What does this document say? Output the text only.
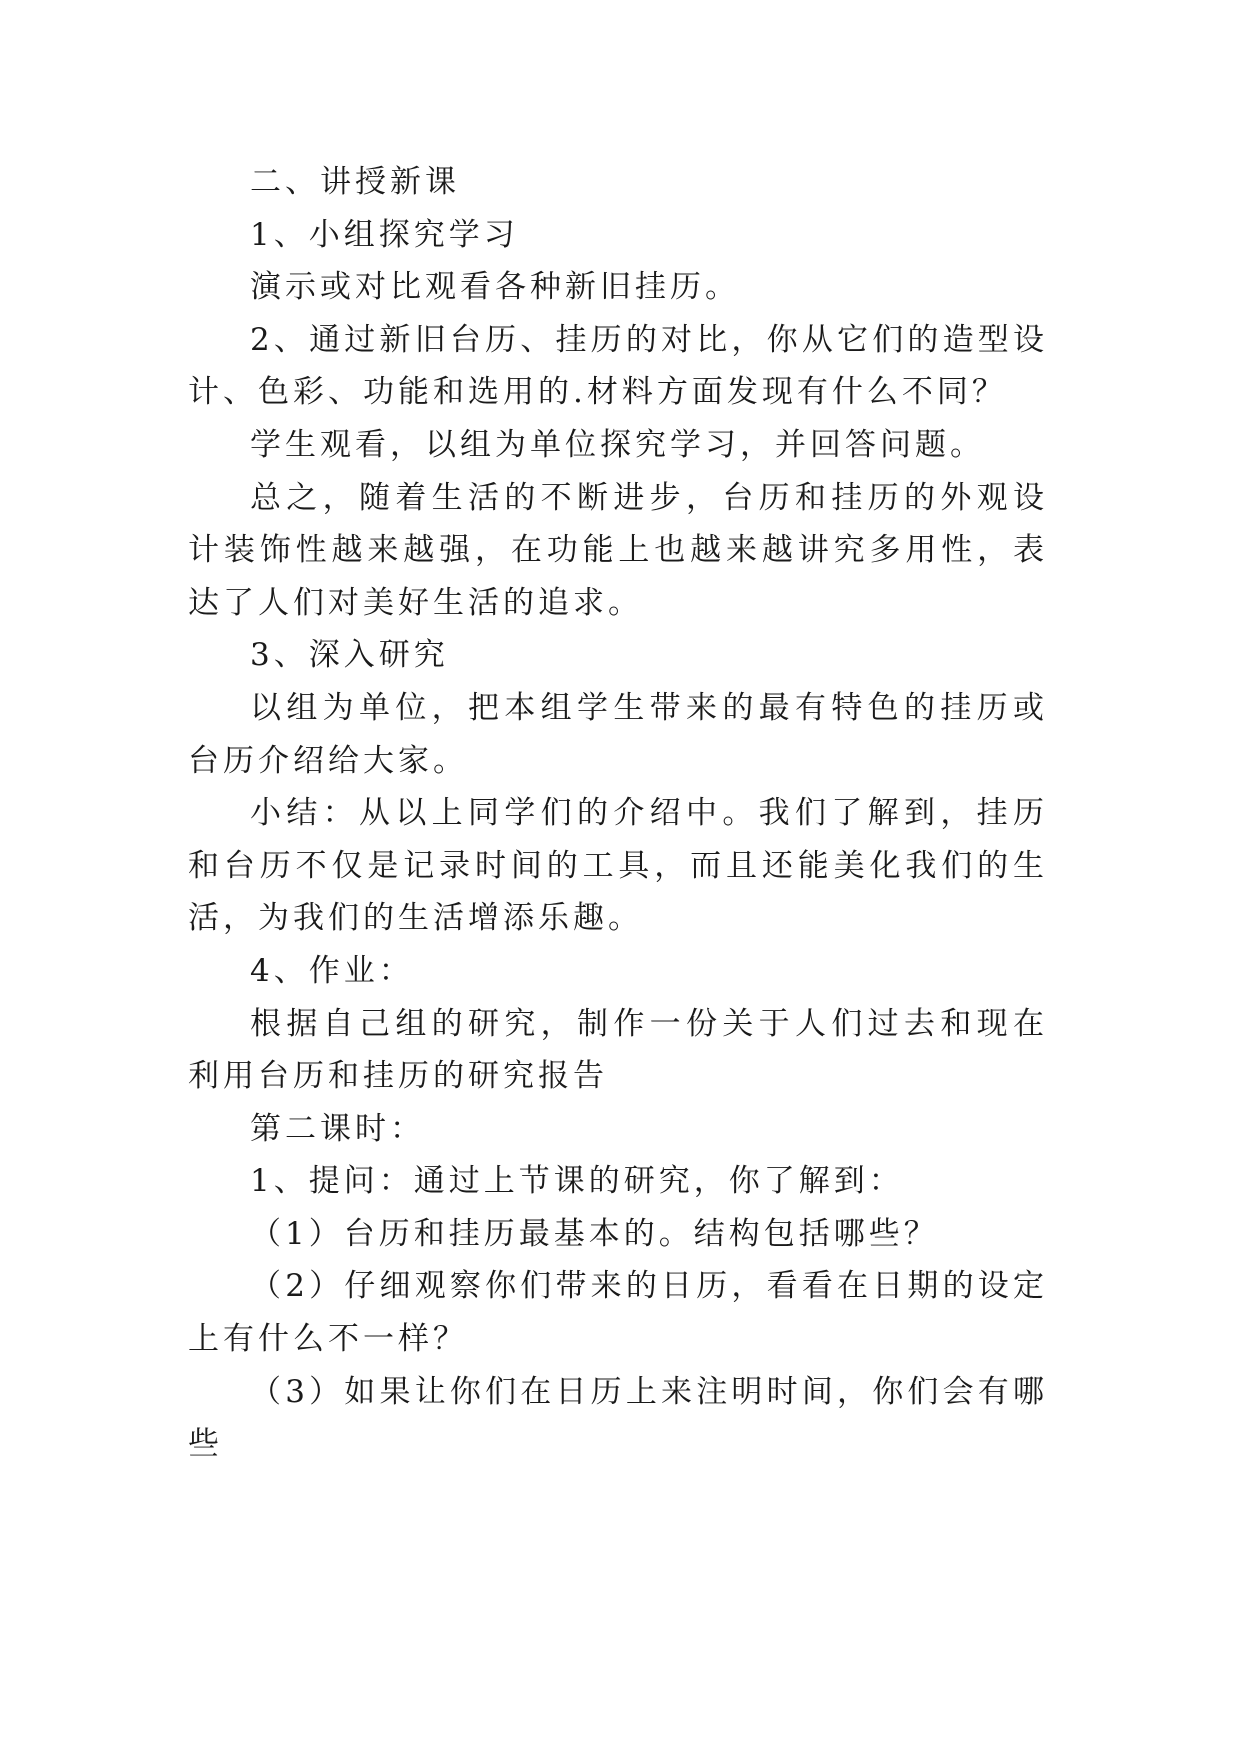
二、讲授新课

1、小组探究学习

演示或对比观看各种新旧挂历。

2、通过新旧台历、挂历的对比，你从它们的造型设计、色彩、功能和选用的.材料方面发现有什么不同？

学生观看，以组为单位探究学习，并回答问题。

总之，随着生活的不断进步，台历和挂历的外观设计装饰性越来越强，在功能上也越来越讲究多用性，表达了人们对美好生活的追求。

3、深入研究

以组为单位，把本组学生带来的最有特色的挂历或台历介绍给大家。

小结：从以上同学们的介绍中。我们了解到，挂历和台历不仅是记录时间的工具，而且还能美化我们的生活，为我们的生活增添乐趣。

4、作业：

根据自己组的研究，制作一份关于人们过去和现在利用台历和挂历的研究报告

第二课时：

1、提问：通过上节课的研究，你了解到：

（1）台历和挂历最基本的。结构包括哪些？

（2）仔细观察你们带来的日历，看看在日期的设定上有什么不一样？

（3）如果让你们在日历上来注明时间，你们会有哪些
